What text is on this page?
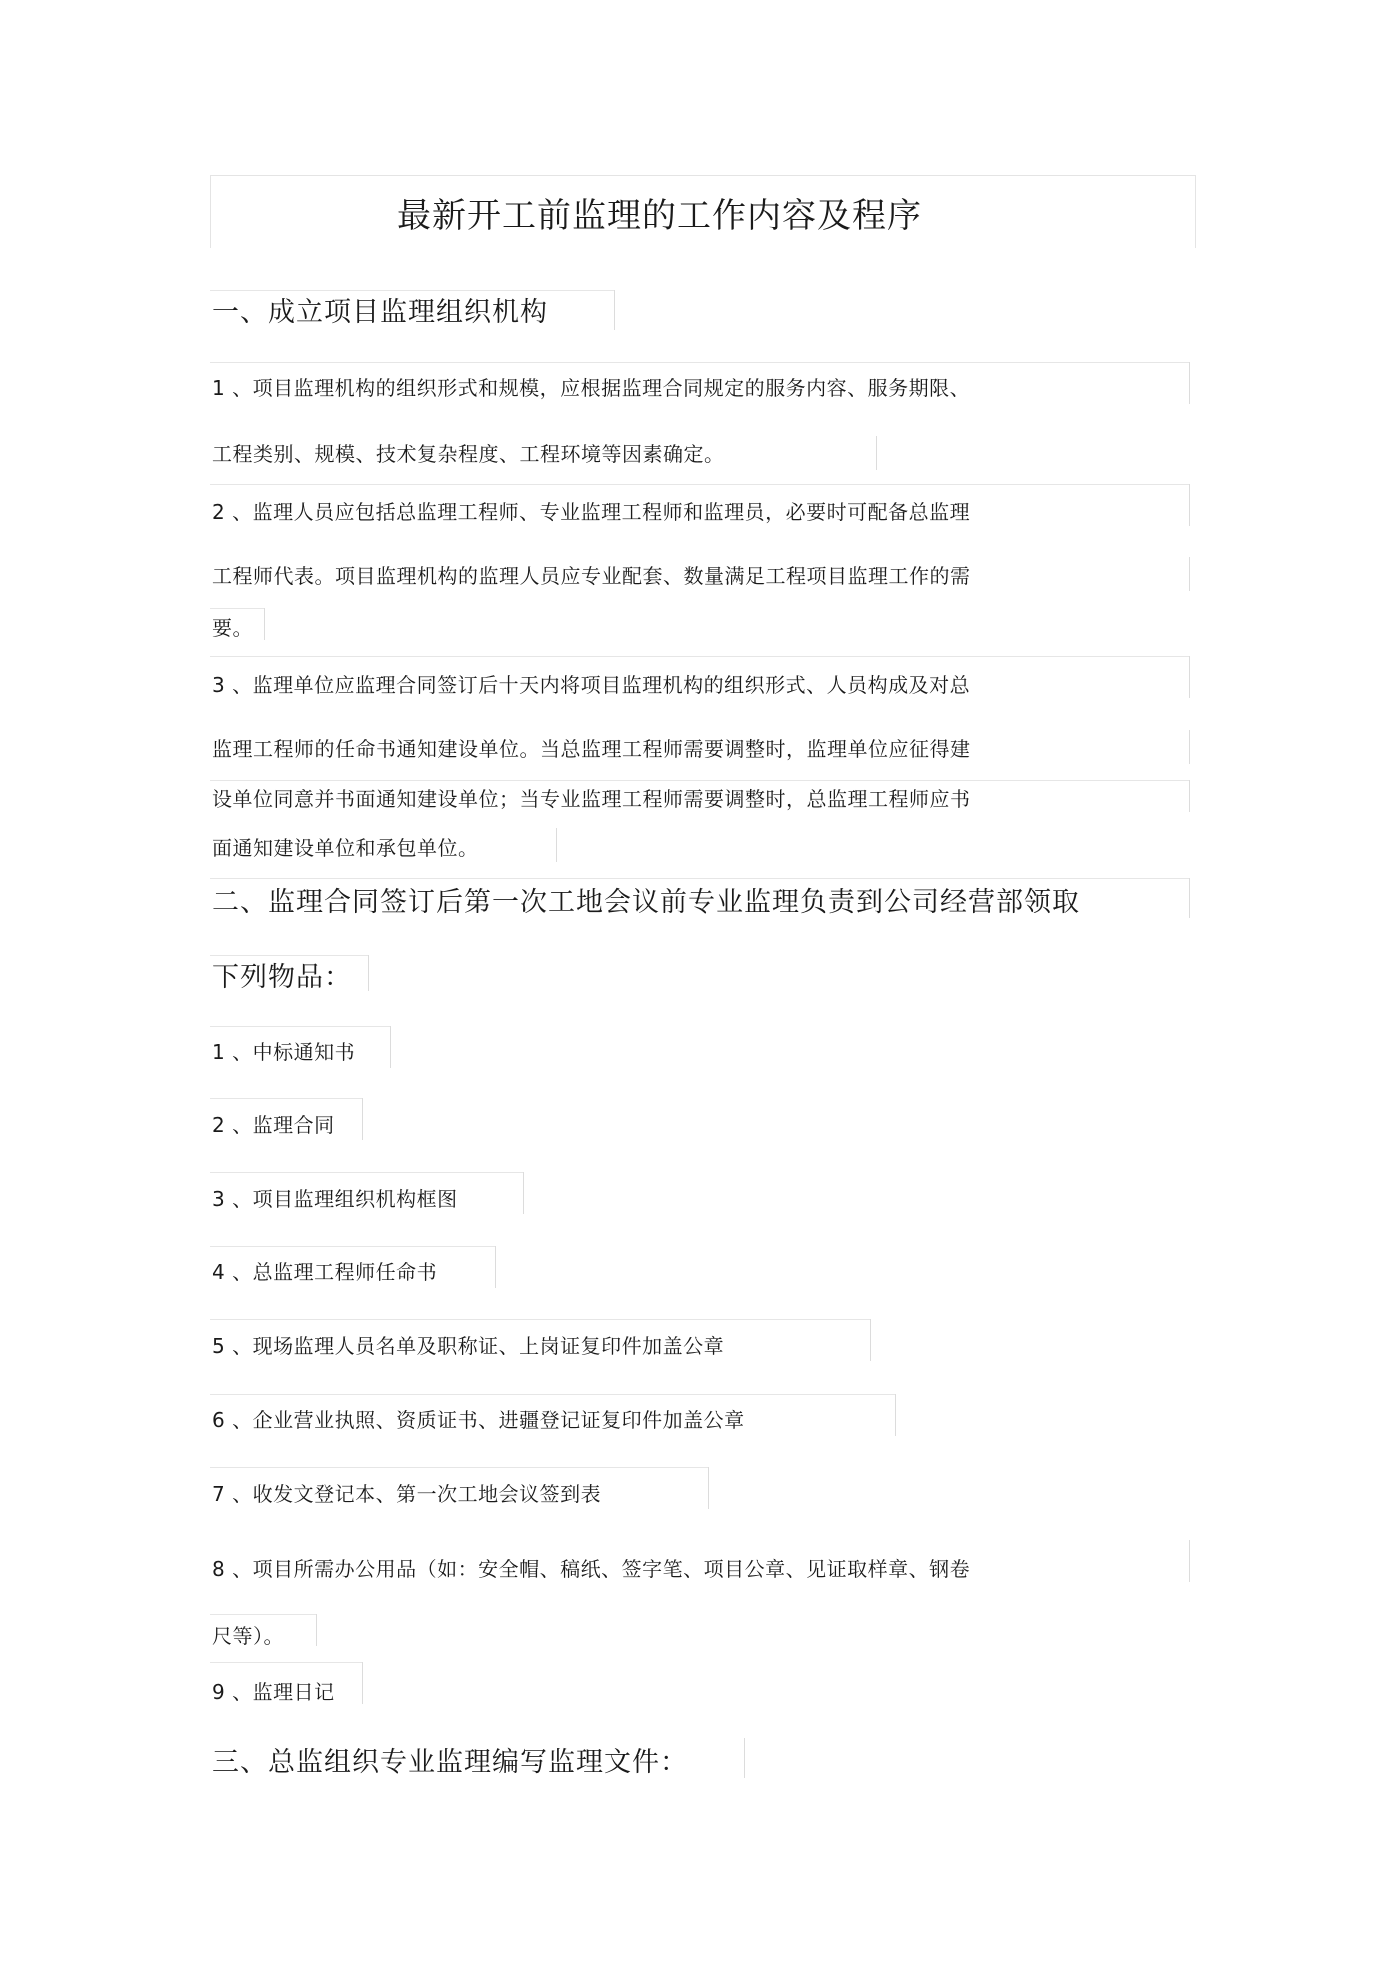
最新开工前监理的工作内容及程序
一、成立项目监理组织机构
1 、项目监理机构的组织形式和规模，应根据监理合同规定的服务内容、服务期限、
工程类别、规模、技术复杂程度、工程环境等因素确定。
2 、监理人员应包括总监理工程师、专业监理工程师和监理员，必要时可配备总监理
工程师代表。项目监理机构的监理人员应专业配套、数量满足工程项目监理工作的需
要。
3 、监理单位应监理合同签订后十天内将项目监理机构的组织形式、人员构成及对总
监理工程师的任命书通知建设单位。当总监理工程师需要调整时，监理单位应征得建
设单位同意并书面通知建设单位；当专业监理工程师需要调整时，总监理工程师应书
面通知建设单位和承包单位。
二、监理合同签订后第一次工地会议前专业监理负责到公司经营部领取
下列物品：
1 、中标通知书
2 、监理合同
3 、项目监理组织机构框图
4 、总监理工程师任命书
5 、现场监理人员名单及职称证、上岗证复印件加盖公章
6 、企业营业执照、资质证书、进疆登记证复印件加盖公章
7 、收发文登记本、第一次工地会议签到表
8 、项目所需办公用品（如：安全帽、稿纸、签字笔、项目公章、见证取样章、钢卷
尺等）。
9 、监理日记
三、总监组织专业监理编写监理文件：
